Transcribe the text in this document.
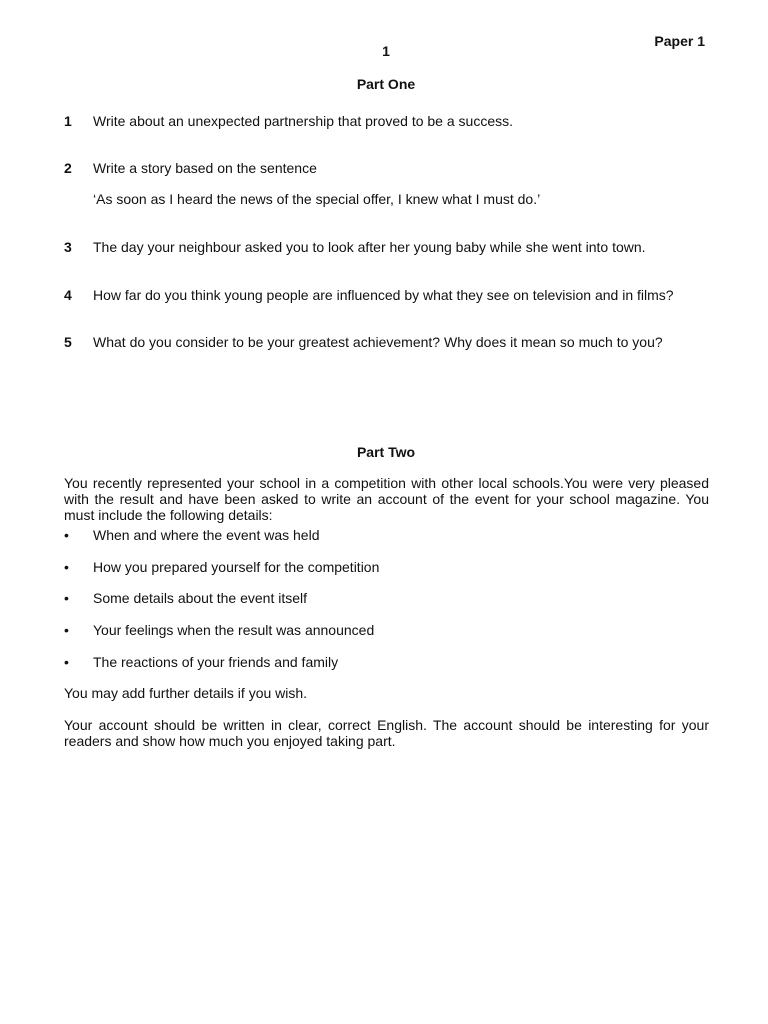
Paper 1
1
Part One
1 Write about an unexpected partnership that proved to be a success.
2 Write a story based on the sentence
‘As soon as I heard the news of the special offer, I knew what I must do.’
3 The day your neighbour asked you to look after her young baby while she went into town.
4 How far do you think young people are influenced by what they see on television and in films?
5 What do you consider to be your greatest achievement? Why does it mean so much to you?
Part Two
You recently represented your school in a competition with other local schools.You were very pleased with the result and have been asked to write an account of the event for your school magazine. You must include the following details:
• When and where the event was held
• How you prepared yourself for the competition
• Some details about the event itself
• Your feelings when the result was announced
• The reactions of your friends and family
You may add further details if you wish.
Your account should be written in clear, correct English. The account should be interesting for your readers and show how much you enjoyed taking part.
